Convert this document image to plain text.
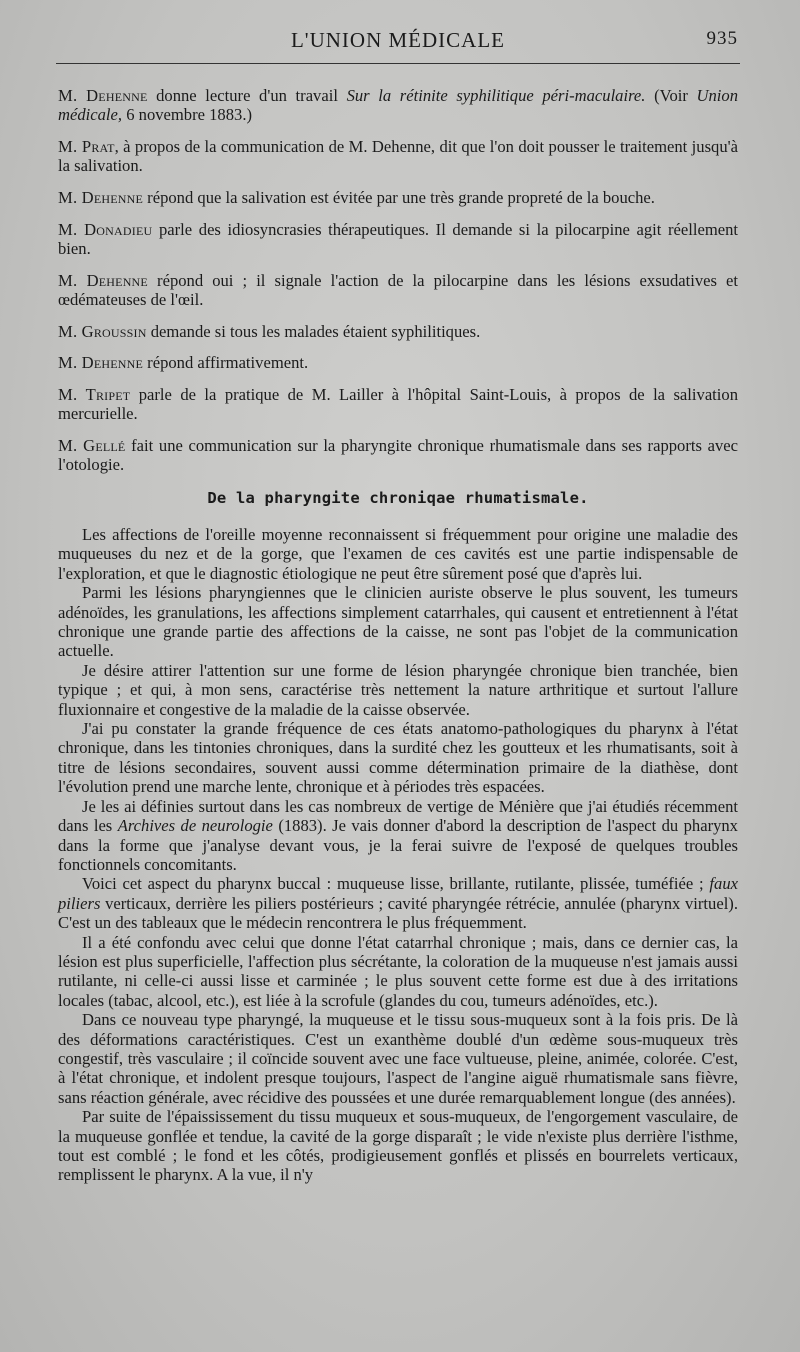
L'UNION MÉDICALE	935

M. Dehenne donne lecture d'un travail Sur la rétinite syphilitique péri-maculaire. (Voir Union médicale, 6 novembre 1883.)

M. Prat, à propos de la communication de M. Dehenne, dit que l'on doit pousser le traitement jusqu'à la salivation.

M. Dehenne répond que la salivation est évitée par une très grande propreté de la bouche.

M. Donadieu parle des idiosyncrasies thérapeutiques. Il demande si la pilocarpine agit réellement bien.

M. Dehenne répond oui ; il signale l'action de la pilocarpine dans les lésions exsudatives et œdémateuses de l'œil.

M. Groussin demande si tous les malades étaient syphilitiques.

M. Dehenne répond affirmativement.

M. Tripet parle de la pratique de M. Lailler à l'hôpital Saint-Louis, à propos de la salivation mercurielle.

M. Gellé fait une communication sur la pharyngite chronique rhumatismale dans ses rapports avec l'otologie.

De la pharyngite chroniqae rhumatismale.

Les affections de l'oreille moyenne reconnaissent si fréquemment pour origine une maladie des muqueuses du nez et de la gorge, que l'examen de ces cavités est une partie indispensable de l'exploration, et que le diagnostic étiologique ne peut être sûrement posé que d'après lui.

Parmi les lésions pharyngiennes que le clinicien auriste observe le plus souvent, les tumeurs adénoïdes, les granulations, les affections simplement catarrhales, qui causent et entretiennent à l'état chronique une grande partie des affections de la caisse, ne sont pas l'objet de la communication actuelle.

Je désire attirer l'attention sur une forme de lésion pharyngée chronique bien tranchée, bien typique ; et qui, à mon sens, caractérise très nettement la nature arthritique et surtout l'allure fluxionnaire et congestive de la maladie de la caisse observée.

J'ai pu constater la grande fréquence de ces états anatomo-pathologiques du pharynx à l'état chronique, dans les tintonies chroniques, dans la surdité chez les goutteux et les rhumatisants, soit à titre de lésions secondaires, souvent aussi comme détermination primaire de la diathèse, dont l'évolution prend une marche lente, chronique et à périodes très espacées.

Je les ai définies surtout dans les cas nombreux de vertige de Ménière que j'ai étudiés récemment dans les Archives de neurologie (1883). Je vais donner d'abord la description de l'aspect du pharynx dans la forme que j'analyse devant vous, je la ferai suivre de l'exposé de quelques troubles fonctionnels concomitants.

Voici cet aspect du pharynx buccal : muqueuse lisse, brillante, rutilante, plissée, tuméfiée ; faux piliers verticaux, derrière les piliers postérieurs ; cavité pharyngée rétrécie, annulée (pharynx virtuel). C'est un des tableaux que le médecin rencontrera le plus fréquemment.

Il a été confondu avec celui que donne l'état catarrhal chronique ; mais, dans ce dernier cas, la lésion est plus superficielle, l'affection plus sécrétante, la coloration de la muqueuse n'est jamais aussi rutilante, ni celle-ci aussi lisse et carminée ; le plus souvent cette forme est due à des irritations locales (tabac, alcool, etc.), est liée à la scrofule (glandes du cou, tumeurs adénoïdes, etc.).

Dans ce nouveau type pharyngé, la muqueuse et le tissu sous-muqueux sont à la fois pris. De là des déformations caractéristiques. C'est un exanthème doublé d'un œdème sous-muqueux très congestif, très vasculaire ; il coïncide souvent avec une face vultueuse, pleine, animée, colorée. C'est, à l'état chronique, et indolent presque toujours, l'aspect de l'angine aiguë rhumatismale sans fièvre, sans réaction générale, avec récidive des poussées et une durée remarquablement longue (des années).

Par suite de l'épaississement du tissu muqueux et sous-muqueux, de l'engorgement vasculaire, de la muqueuse gonflée et tendue, la cavité de la gorge disparaît ; le vide n'existe plus derrière l'isthme, tout est comblé ; le fond et les côtés, prodigieusement gonflés et plissés en bourrelets verticaux, remplissent le pharynx. A la vue, il n'y
